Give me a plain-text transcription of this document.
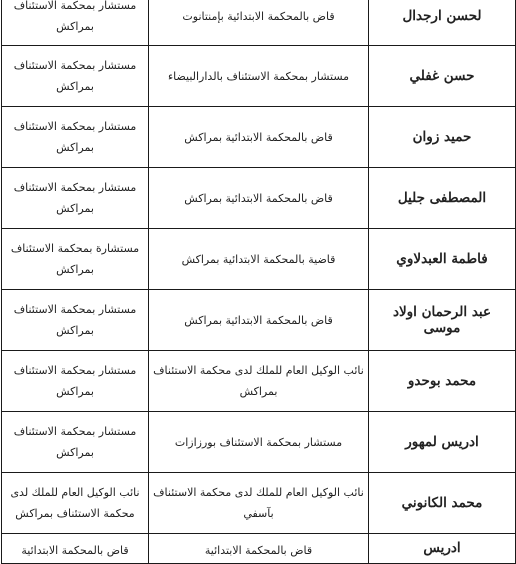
لحسن ارجدال	قاض بالمحكمة الابتدائية بإمنتانوت	مستشار بمحكمة الاستئناف بمراكش
حسن غفلي	مستشار بمحكمة الاستئناف بالدارالبيضاء	مستشار بمحكمة الاستئناف بمراكش
حميد زوان	قاض بالمحكمة الابتدائية بمراكش	مستشار بمحكمة الاستئناف بمراكش
المصطفى جليل	قاض بالمحكمة الابتدائية بمراكش	مستشار بمحكمة الاستئناف بمراكش
فاطمة العبدلاوي	قاضية بالمحكمة الابتدائية بمراكش	مستشارة بمحكمة الاستئناف بمراكش
عبد الرحمان اولاد موسى	قاض بالمحكمة الابتدائية بمراكش	مستشار بمحكمة الاستئناف بمراكش
محمد بوحدو	نائب الوكيل العام للملك لدى محكمة الاستئناف بمراكش	مستشار بمحكمة الاستئناف بمراكش
ادريس لمهور	مستشار بمحكمة الاستئناف بورزازات	مستشار بمحكمة الاستئناف بمراكش
محمد الكانوني	نائب الوكيل العام للملك لدى محكمة الاستئناف بآسفي	نائب الوكيل العام للملك لدى محكمة الاستئناف بمراكش
ادريس	قاض بالمحكمة الابتدائية	قاض بالمحكمة الابتدائية
